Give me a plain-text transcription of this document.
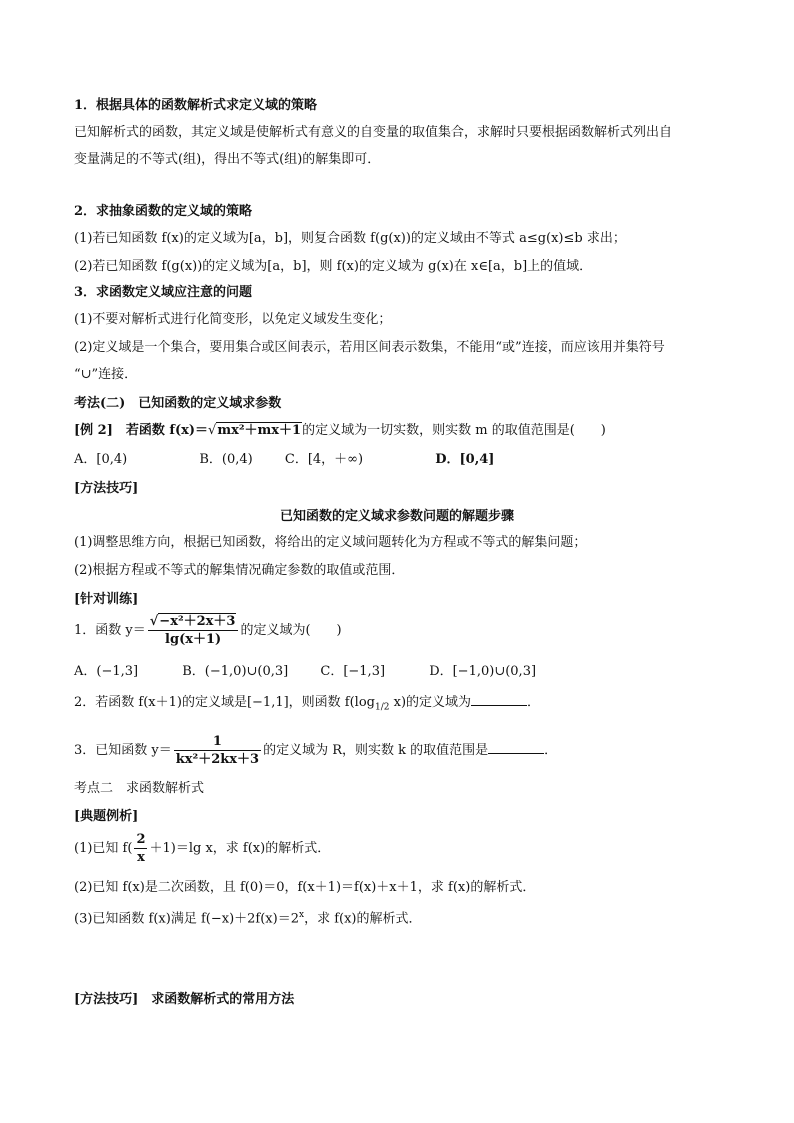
1．根据具体的函数解析式求定义域的策略
已知解析式的函数，其定义域是使解析式有意义的自变量的取值集合，求解时只要根据函数解析式列出自
变量满足的不等式(组)，得出不等式(组)的解集即可．
2．求抽象函数的定义域的策略
(1)若已知函数 f(x)的定义域为[a，b]，则复合函数 f(g(x))的定义域由不等式 a≤g(x)≤b 求出；
(2)若已知函数 f(g(x))的定义域为[a，b]，则 f(x)的定义域为 g(x)在 x∈[a，b]上的值域．
3．求函数定义域应注意的问题
(1)不要对解析式进行化简变形，以免定义域发生变化；
(2)定义域是一个集合，要用集合或区间表示，若用区间表示数集，不能用“或”连接，而应该用并集符号
“∪”连接．
考法(二)　已知函数的定义域求参数
[例 2]　若函数 f(x)＝√mx²＋mx＋1的定义域为一切实数，则实数 m 的取值范围是(　　)
A．[0,4)	B．(0,4) C．[4，＋∞)	D．[0,4]
[方法技巧]
已知函数的定义域求参数问题的解题步骤
(1)调整思维方向，根据已知函数，将给出的定义域问题转化为方程或不等式的解集问题；
(2)根据方程或不等式的解集情况确定参数的取值或范围．
[针对训练]
1．函数 $y= \frac{\text{√−x²＋2x＋3}}{\lg(x+1)}$ 的定义域为(　　)
A．(−1,3]	B．(−1,0)∪(0,3] C．[−1,3]	D．[−1,0)∪(0,3]
2．若函数 f(x＋1)的定义域是[−1,1]，则函数 $f(\log_{1/2}$ x)的定义域为	．
3．已知函数 $y= \frac{1}{\text{kx²＋2kx＋3}}$ 的定义域为 R，则实数 k 的取值范围是	．
考点二　求函数解析式
[典题例析]
(1)已知 $f( \frac{2}{x} +1)=\lg$ x，求 f(x)的解析式．
(2)已知 f(x)是二次函数，且 f(0)＝0，f(x＋1)＝f(x)＋x＋1，求 f(x)的解析式．
(3)已知函数 f(x)满足 $f(-x)+2f(x)=2^x$，求 f(x)的解析式．
[方法技巧]　求函数解析式的常用方法
